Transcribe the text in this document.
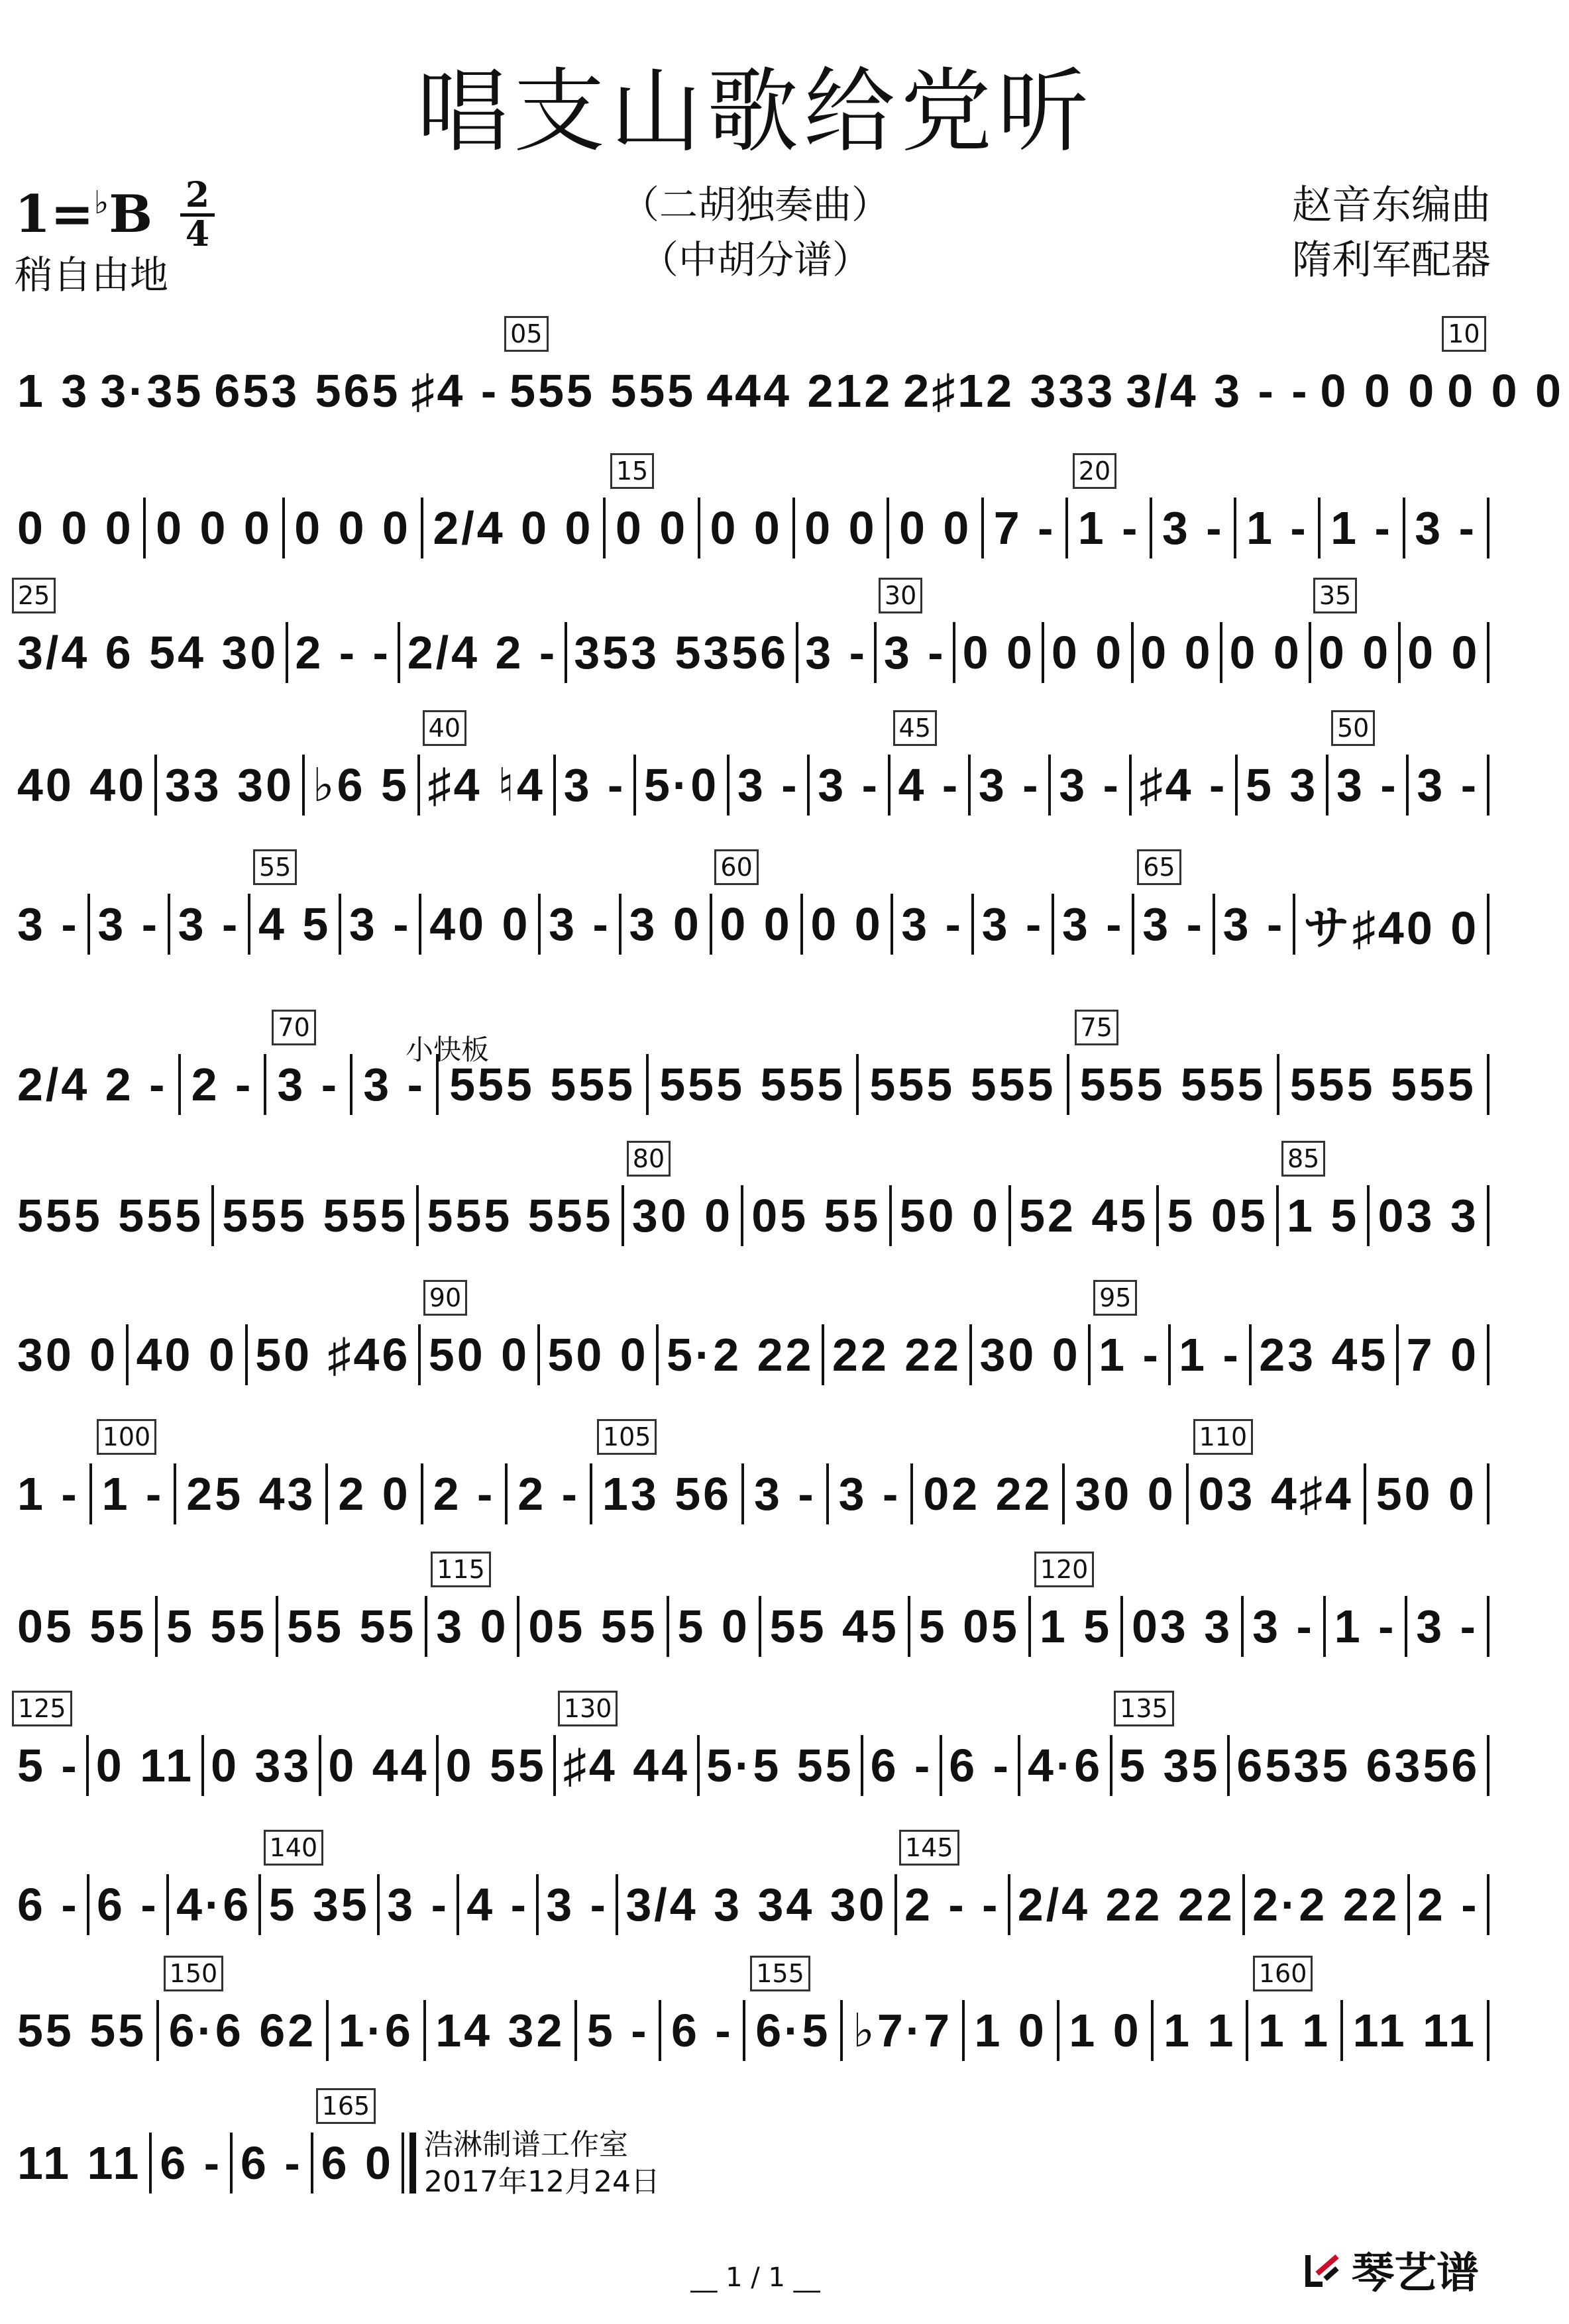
唱支山歌给党听
1=♭B 2
4
稍自由地
（二胡独奏曲）
（中胡分谱）
赵音东编曲
隋利军配器
1 3 3·35 653 565 ♯4 - 555 555 444 212 2♯12 333 3/4 3 - - 0 0 0 0 0 0
05	10
0 0 0 0 0 0 0 0 0 2/4 0 0 0 0 0 0 0 0 0 0 7 - 1 - 3 - 1 - 1 - 3 -
15	20
3/4 6 54 30 2 - - 2/4 2 - 353 5356 3 - 3 - 0 0 0 0 0 0 0 0 0 0 0 0
25	30	35
40 40 33 30 ♭6 5 ♯4 ♮4 3 - 5·0 3 - 3 - 4 - 3 - 3 - ♯4 - 5 3 3 - 3 -
40	45	50
3 - 3 - 3 - 4 5 3 - 40 0 3 - 3 0 0 0 0 0 3 - 3 - 3 - 3 - 3 - サ♯40 0
55	60	65
2/4 2 - 2 - 3 - 3 - 555 555 555 555 555 555 555 555 555 555
70	75
555 555 555 555 555 555 30 0 05 55 50 0 52 45 5 05 1 5 03 3
80	85
30 0 40 0 50 ♯46 50 0 50 0 5·2 22 22 22 30 0 1 - 1 - 23 45 7 0
90	95
1 - 1 - 25 43 2 0 2 - 2 - 13 56 3 - 3 - 02 22 30 0 03 4♯4 50 0
100	105	110
05 55 5 55 55 55 3 0 05 55 5 0 55 45 5 05 1 5 03 3 3 - 1 - 3 -
115	120
5 - 0 11 0 33 0 44 0 55 ♯4 44 5·5 55 6 - 6 - 4·6 5 35 6535 6356
125	130	135
6 - 6 - 4·6 5 35 3 - 4 - 3 - 3/4 3 34 30 2 - - 2/4 22 22 2·2 22 2 -
140	145
55 55 6·6 62 1·6 14 32 5 - 6 - 6·5 ♭7·7 1 0 1 0 1 1 1 1 11 11
150	155	160
11 11 6 - 6 - 6 0
165
小快板
浩淋制谱工作室
2017年12月24日
__ 1 / 1 __	琴艺谱
